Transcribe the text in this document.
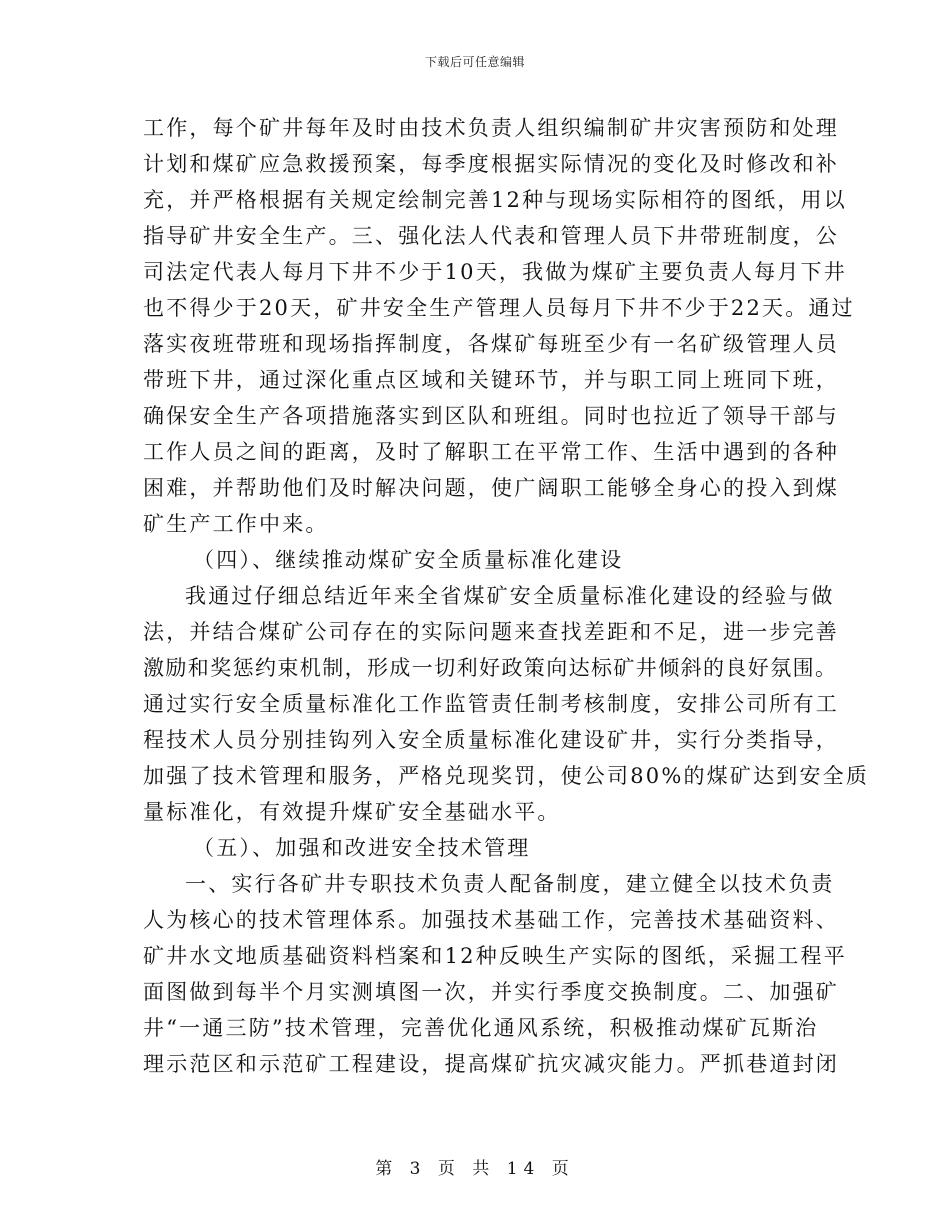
下载后可任意编辑
工作，每个矿井每年及时由技术负责人组织编制矿井灾害预防和处理
计划和煤矿应急救援预案，每季度根据实际情况的变化及时修改和补
充，并严格根据有关规定绘制完善12种与现场实际相符的图纸，用以
指导矿井安全生产。三、强化法人代表和管理人员下井带班制度，公
司法定代表人每月下井不少于10天，我做为煤矿主要负责人每月下井
也不得少于20天，矿井安全生产管理人员每月下井不少于22天。通过
落实夜班带班和现场指挥制度，各煤矿每班至少有一名矿级管理人员
带班下井，通过深化重点区域和关键环节，并与职工同上班同下班，
确保安全生产各项措施落实到区队和班组。同时也拉近了领导干部与
工作人员之间的距离，及时了解职工在平常工作、生活中遇到的各种
困难，并帮助他们及时解决问题，使广阔职工能够全身心的投入到煤
矿生产工作中来。
（四）、继续推动煤矿安全质量标准化建设
我通过仔细总结近年来全省煤矿安全质量标准化建设的经验与做
法，并结合煤矿公司存在的实际问题来查找差距和不足，进一步完善
激励和奖惩约束机制，形成一切利好政策向达标矿井倾斜的良好氛围。
通过实行安全质量标准化工作监管责任制考核制度，安排公司所有工
程技术人员分别挂钩列入安全质量标准化建设矿井，实行分类指导，
加强了技术管理和服务，严格兑现奖罚，使公司80%的煤矿达到安全质
量标准化，有效提升煤矿安全基础水平。
（五）、加强和改进安全技术管理
一、实行各矿井专职技术负责人配备制度，建立健全以技术负责
人为核心的技术管理体系。加强技术基础工作，完善技术基础资料、
矿井水文地质基础资料档案和12种反映生产实际的图纸，采掘工程平
面图做到每半个月实测填图一次，并实行季度交换制度。二、加强矿
井“一通三防”技术管理，完善优化通风系统，积极推动煤矿瓦斯治
理示范区和示范矿工程建设，提高煤矿抗灾减灾能力。严抓巷道封闭
第 3 页 共 14 页
